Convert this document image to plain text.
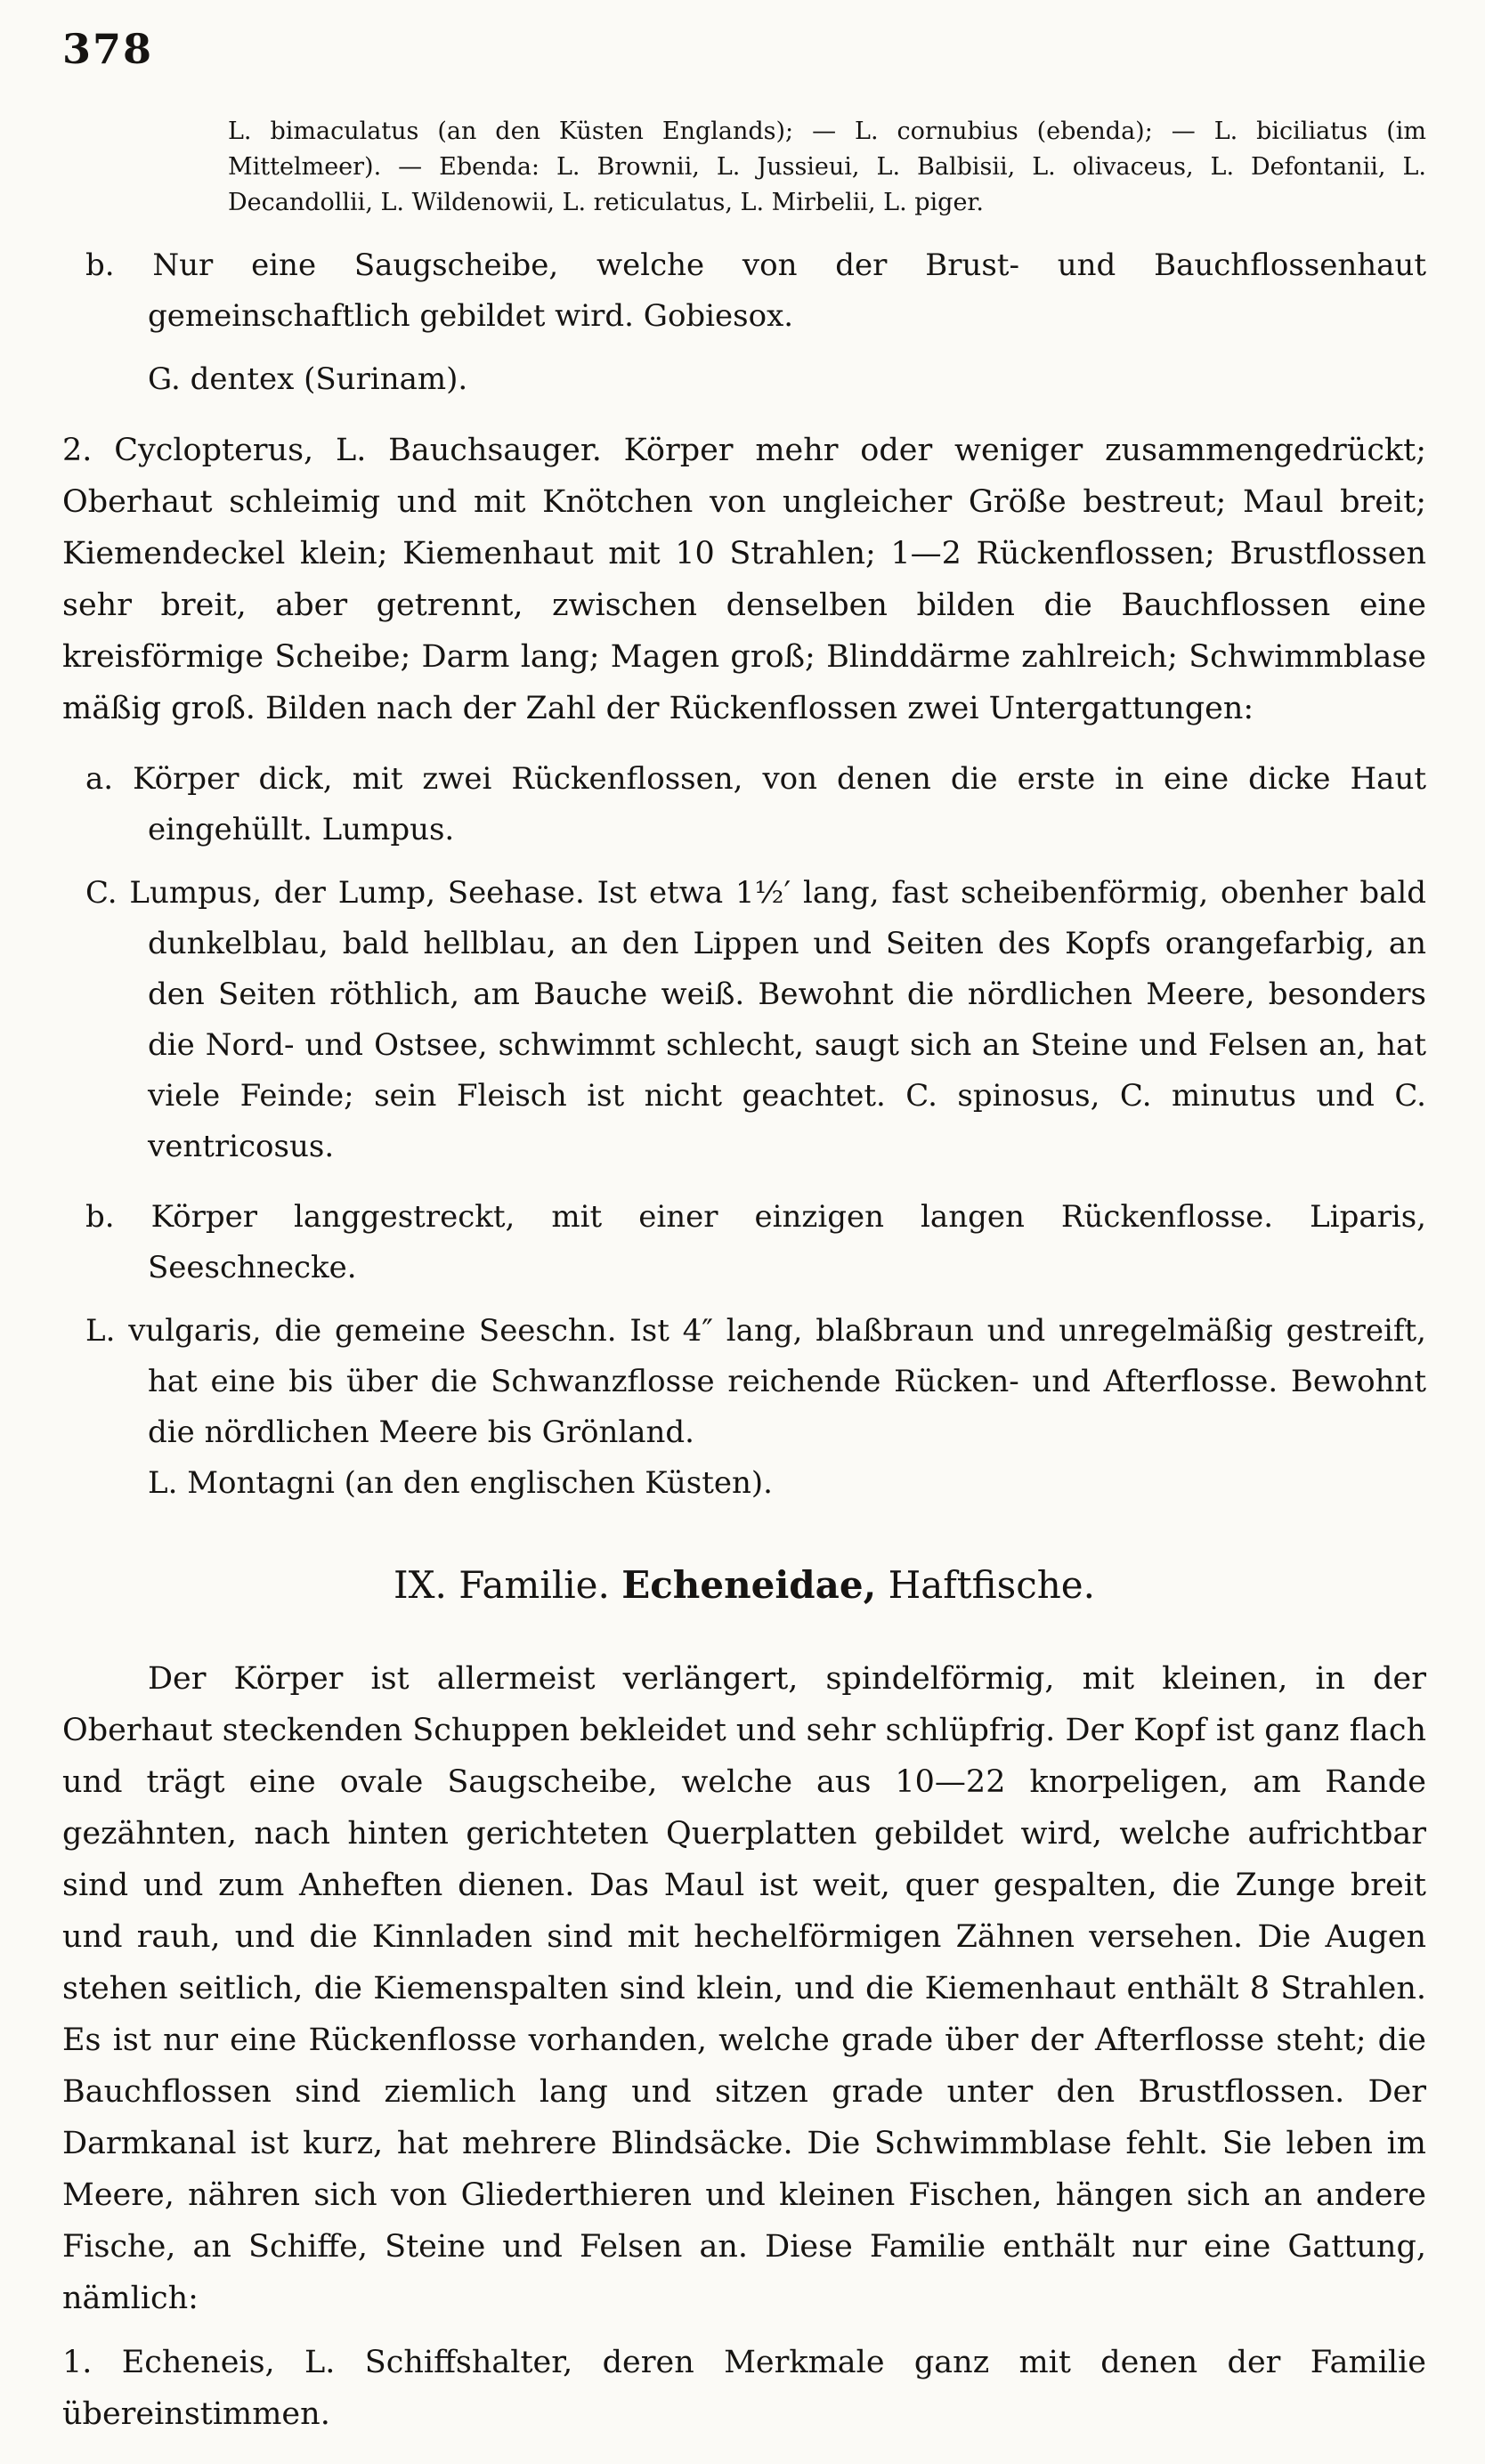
378

L. bimaculatus (an den Küsten Englands); — L. cornubius (ebenda); — L. biciliatus (im Mittelmeer). — Ebenda: L. Brownii, L. Jussieui, L. Balbisii, L. olivaceus, L. Defontanii, L. Decandollii, L. Wildenowii, L. reticulatus, L. Mirbelii, L. piger.

b. Nur eine Saugscheibe, welche von der Brust- und Bauchflossenhaut gemeinschaftlich gebildet wird. Gobiesox.

G. dentex (Surinam).

2. Cyclopterus, L. Bauchsauger. Körper mehr oder weniger zusammengedrückt; Oberhaut schleimig und mit Knötchen von ungleicher Größe bestreut; Maul breit; Kiemendeckel klein; Kiemenhaut mit 10 Strahlen; 1—2 Rückenflossen; Brustflossen sehr breit, aber getrennt, zwischen denselben bilden die Bauchflossen eine kreisförmige Scheibe; Darm lang; Magen groß; Blinddärme zahlreich; Schwimmblase mäßig groß. Bilden nach der Zahl der Rückenflossen zwei Untergattungen:

a. Körper dick, mit zwei Rückenflossen, von denen die erste in eine dicke Haut eingehüllt. Lumpus.

C. Lumpus, der Lump, Seehase. Ist etwa 1½′ lang, fast scheibenförmig, obenher bald dunkelblau, bald hellblau, an den Lippen und Seiten des Kopfs orangefarbig, an den Seiten röthlich, am Bauche weiß. Bewohnt die nördlichen Meere, besonders die Nord- und Ostsee, schwimmt schlecht, saugt sich an Steine und Felsen an, hat viele Feinde; sein Fleisch ist nicht geachtet. C. spinosus, C. minutus und C. ventricosus.

b. Körper langgestreckt, mit einer einzigen langen Rückenflosse. Liparis, Seeschnecke.

L. vulgaris, die gemeine Seeschn. Ist 4″ lang, blaßbraun und unregelmäßig gestreift, hat eine bis über die Schwanzflosse reichende Rücken- und Afterflosse. Bewohnt die nördlichen Meere bis Grönland.

L. Montagni (an den englischen Küsten).

IX. Familie. Echeneidae, Haftfische.

Der Körper ist allermeist verlängert, spindelförmig, mit kleinen, in der Oberhaut steckenden Schuppen bekleidet und sehr schlüpfrig. Der Kopf ist ganz flach und trägt eine ovale Saugscheibe, welche aus 10—22 knorpeligen, am Rande gezähnten, nach hinten gerichteten Querplatten gebildet wird, welche aufrichtbar sind und zum Anheften dienen. Das Maul ist weit, quer gespalten, die Zunge breit und rauh, und die Kinnladen sind mit hechelförmigen Zähnen versehen. Die Augen stehen seitlich, die Kiemenspalten sind klein, und die Kiemenhaut enthält 8 Strahlen. Es ist nur eine Rückenflosse vorhanden, welche grade über der Afterflosse steht; die Bauchflossen sind ziemlich lang und sitzen grade unter den Brustflossen. Der Darmkanal ist kurz, hat mehrere Blindsäcke. Die Schwimmblase fehlt. Sie leben im Meere, nähren sich von Gliederthieren und kleinen Fischen, hängen sich an andere Fische, an Schiffe, Steine und Felsen an. Diese Familie enthält nur eine Gattung, nämlich:

1. Echeneis, L. Schiffshalter, deren Merkmale ganz mit denen der Familie übereinstimmen.
